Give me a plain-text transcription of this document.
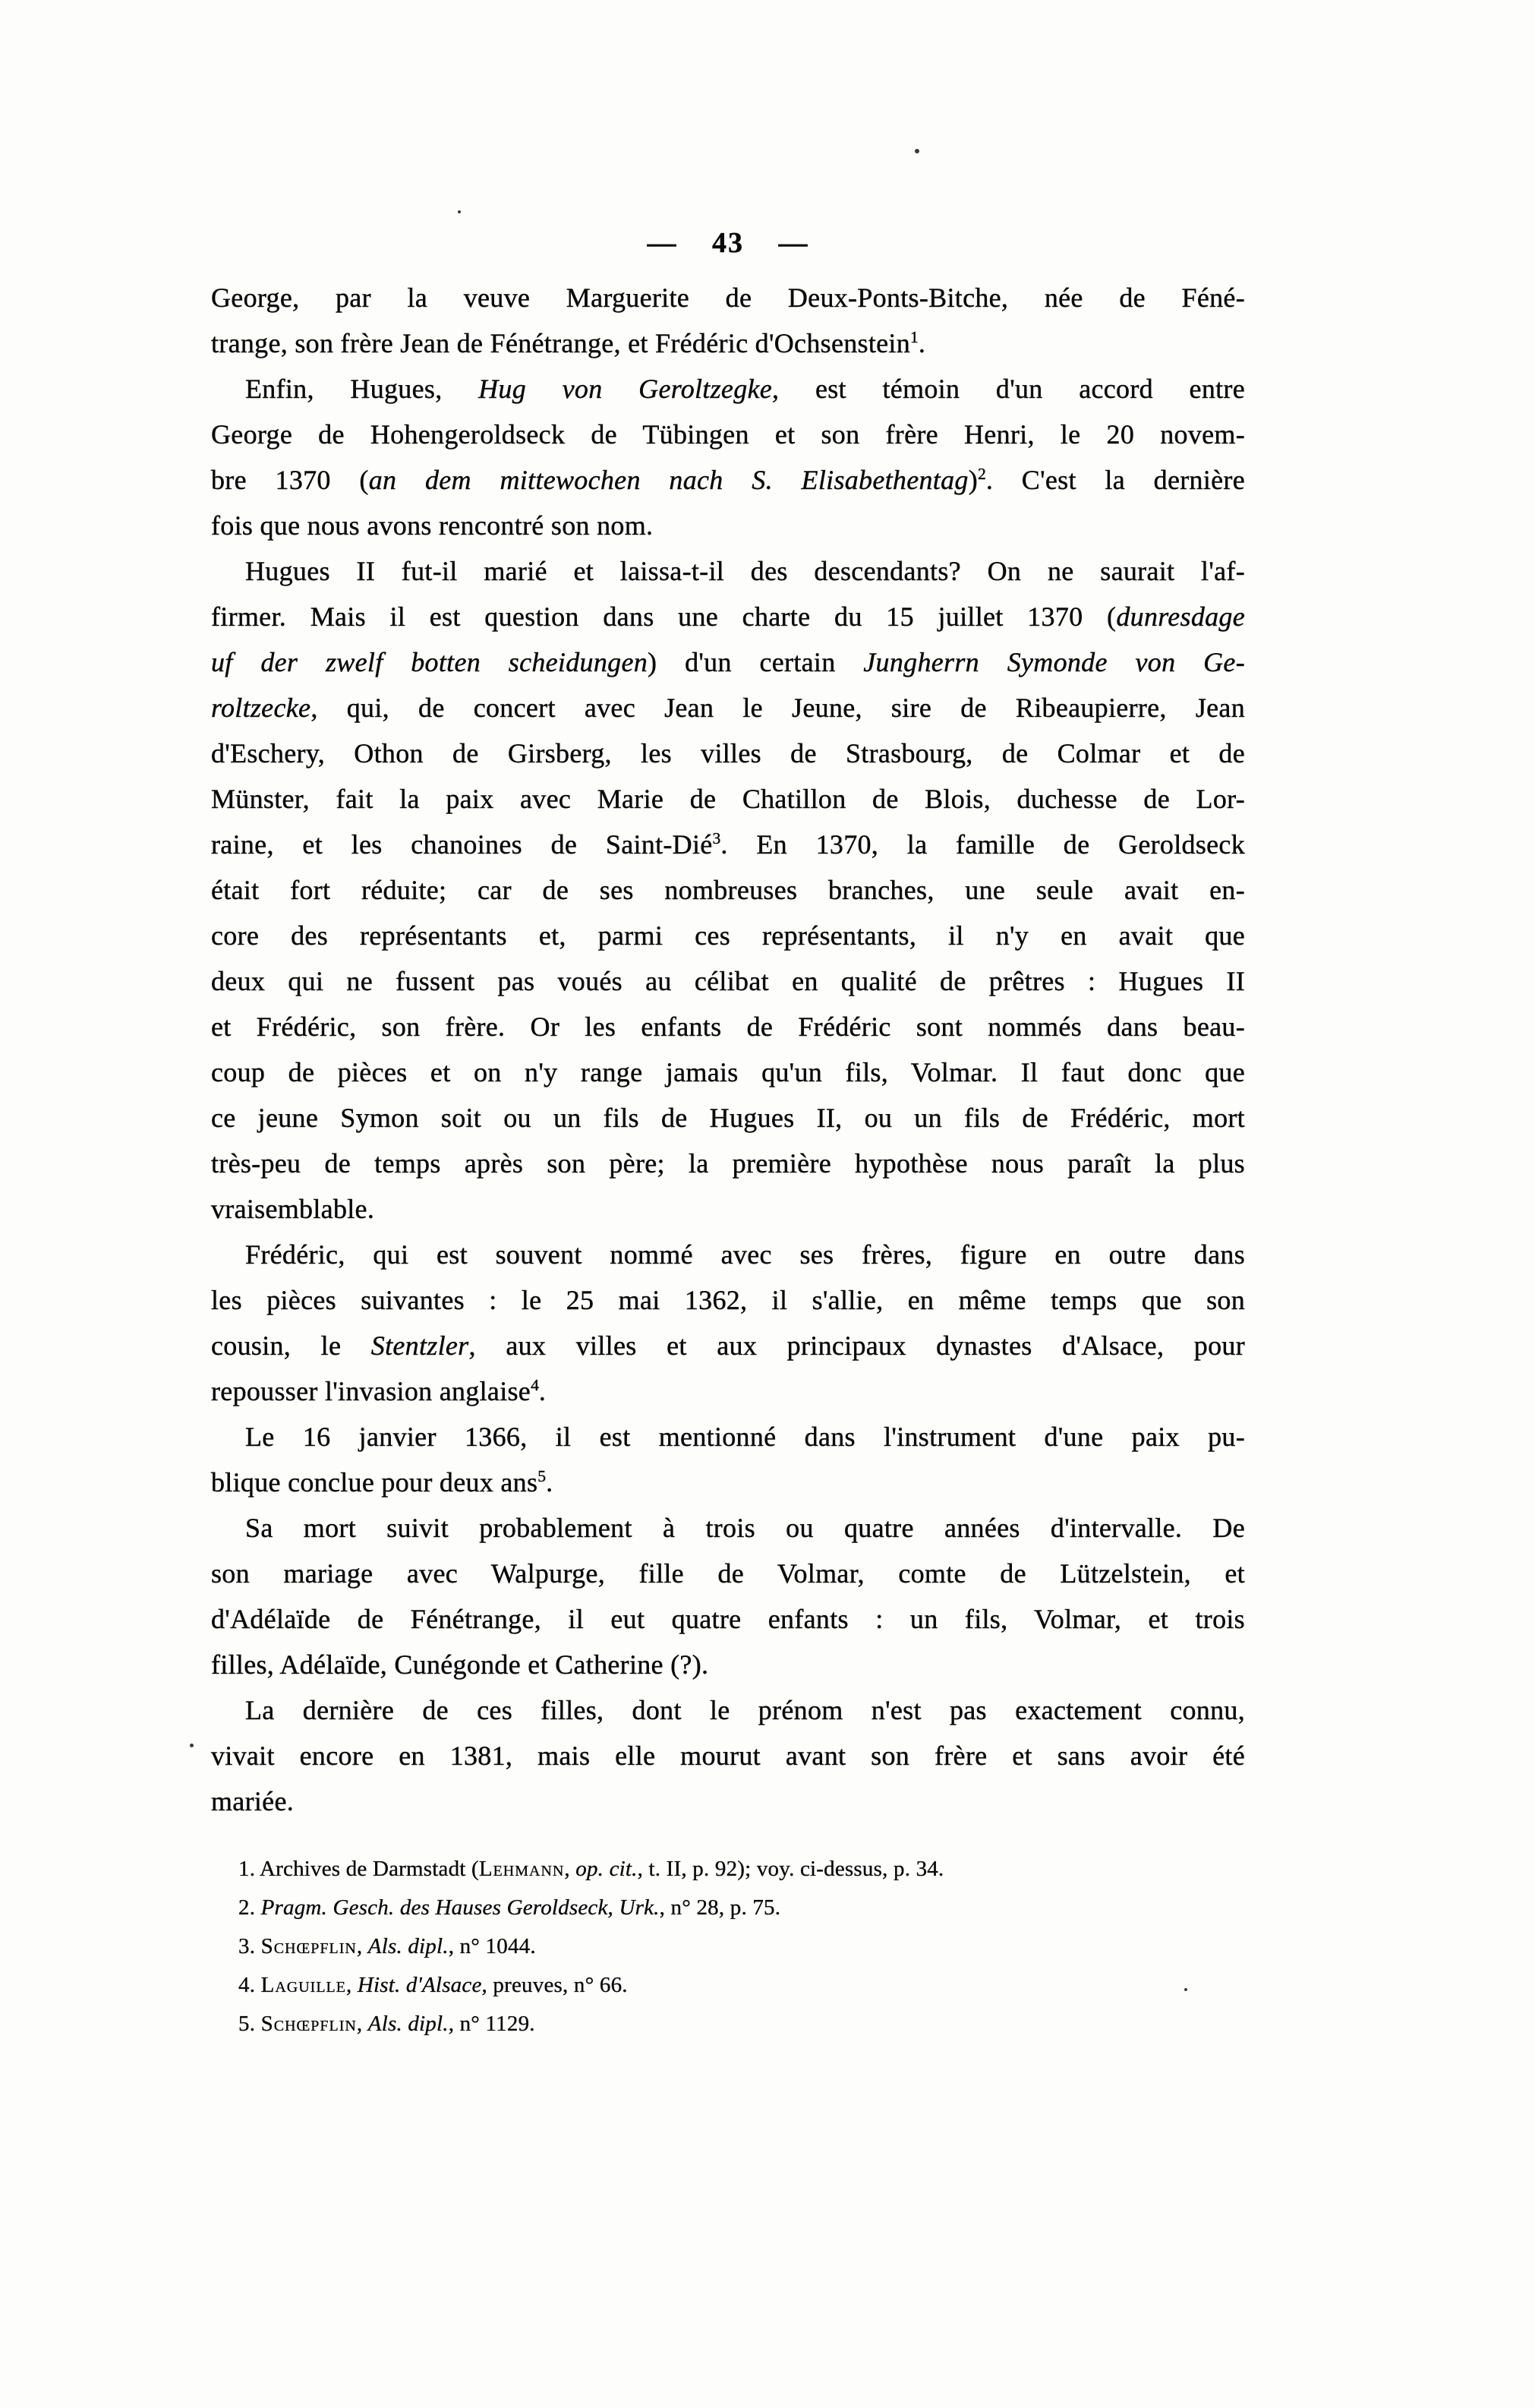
— 43 —
George, par la veuve Marguerite de Deux-Ponts-Bitche, née de Féné-
trange, son frère Jean de Fénétrange, et Frédéric d'Ochsenstein$^1$.
Enfin, Hugues, Hug von Geroltzegke, est témoin d'un accord entre
George de Hohengeroldseck de Tübingen et son frère Henri, le 20 novem-
bre 1370 (an dem mittewochen nach S. Elisabethentag)$^2$. C'est la dernière
fois que nous avons rencontré son nom.
Hugues II fut-il marié et laissa-t-il des descendants? On ne saurait l'af-
firmer. Mais il est question dans une charte du 15 juillet 1370 (dunresdage
uf der zwelf botten scheidungen) d'un certain Jungherrn Symonde von Ge-
roltzecke, qui, de concert avec Jean le Jeune, sire de Ribeaupierre, Jean
d'Eschery, Othon de Girsberg, les villes de Strasbourg, de Colmar et de
Münster, fait la paix avec Marie de Chatillon de Blois, duchesse de Lor-
raine, et les chanoines de Saint-Dié$^3$. En 1370, la famille de Geroldseck
était fort réduite; car de ses nombreuses branches, une seule avait en-
core des représentants et, parmi ces représentants, il n'y en avait que
deux qui ne fussent pas voués au célibat en qualité de prêtres : Hugues II
et Frédéric, son frère. Or les enfants de Frédéric sont nommés dans beau-
coup de pièces et on n'y range jamais qu'un fils, Volmar. Il faut donc que
ce jeune Symon soit ou un fils de Hugues II, ou un fils de Frédéric, mort
très-peu de temps après son père; la première hypothèse nous paraît la plus
vraisemblable.
Frédéric, qui est souvent nommé avec ses frères, figure en outre dans
les pièces suivantes : le 25 mai 1362, il s'allie, en même temps que son
cousin, le Stentzler, aux villes et aux principaux dynastes d'Alsace, pour
repousser l'invasion anglaise$^4$.
Le 16 janvier 1366, il est mentionné dans l'instrument d'une paix pu-
blique conclue pour deux ans$^5$.
Sa mort suivit probablement à trois ou quatre années d'intervalle. De
son mariage avec Walpurge, fille de Volmar, comte de Lützelstein, et
d'Adélaïde de Fénétrange, il eut quatre enfants : un fils, Volmar, et trois
filles, Adélaïde, Cunégonde et Catherine (?).
La dernière de ces filles, dont le prénom n'est pas exactement connu,
vivait encore en 1381, mais elle mourut avant son frère et sans avoir été
mariée.
1. Archives de Darmstadt (Lehmann, op. cit., t. II, p. 92); voy. ci-dessus, p. 34.
2. Pragm. Gesch. des Hauses Geroldseck, Urk., n° 28, p. 75.
3. Schœpflin, Als. dipl., n° 1044.
4. Laguille, Hist. d'Alsace, preuves, n° 66.
5. Schœpflin, Als. dipl., n° 1129.
